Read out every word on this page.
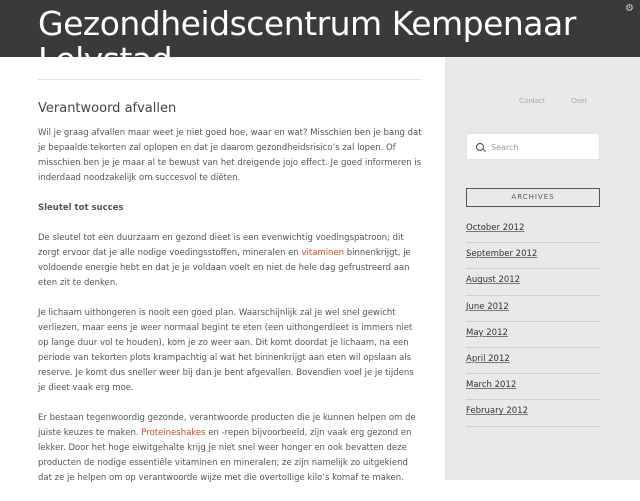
Gezondheidscentrum Kempenaar Lelystad
⚙
Contact	Over
Verantwoord afvallen

Wil je graag afvallen maar weet je niet goed hoe, waar en wat? Misschien ben je bang dat je bepaalde tekorten zal oplopen en dat je daarom gezondheidsrisico’s zal lopen. Of misschien ben je je maar al te bewust van het dreigende jojo effect. Je goed informeren is inderdaad noodzakelijk om succesvol te diëten.

Sleutel tot succes

De sleutel tot een duurzaam en gezond dieet is een evenwichtig voedingspatroon; dit zorgt ervoor dat je alle nodige voedingsstoffen, mineralen en vitaminen binnenkrijgt, je voldoende energie hebt en dat je je voldaan voelt en niet de hele dag gefrustreerd aan eten zit te denken.

Je lichaam uithongeren is nooit een goed plan. Waarschijnlijk zal je wel snel gewicht verliezen, maar eens je weer normaal begint te eten (een uithongerdieet is immers niet op lange duur vol te houden), kom je zo weer aan. Dit komt doordat je lichaam, na een periode van tekorten plots krampachtig al wat het binnenkrijgt aan eten wil opslaan als reserve. Je komt dus sneller weer bij dan je bent afgevallen. Bovendien voel je je tijdens je dieet vaak erg moe.

Er bestaan tegenwoordig gezonde, verantwoorde producten die je kunnen helpen om de juiste keuzes te maken. Proteineshakes en -repen bijvoorbeeld, zijn vaak erg gezond en lekker. Door het hoge eiwitgehalte krijg je niet snel weer honger en ook bevatten deze producten de nodige essentiële vitaminen en mineralen; ze zijn namelijk zo uitgekiend dat ze je helpen om op verantwoorde wijze met die overtollige kilo’s komaf te maken.

Search
ARCHIVES
October 2012
September 2012
August 2012
June 2012
May 2012
April 2012
March 2012
February 2012
